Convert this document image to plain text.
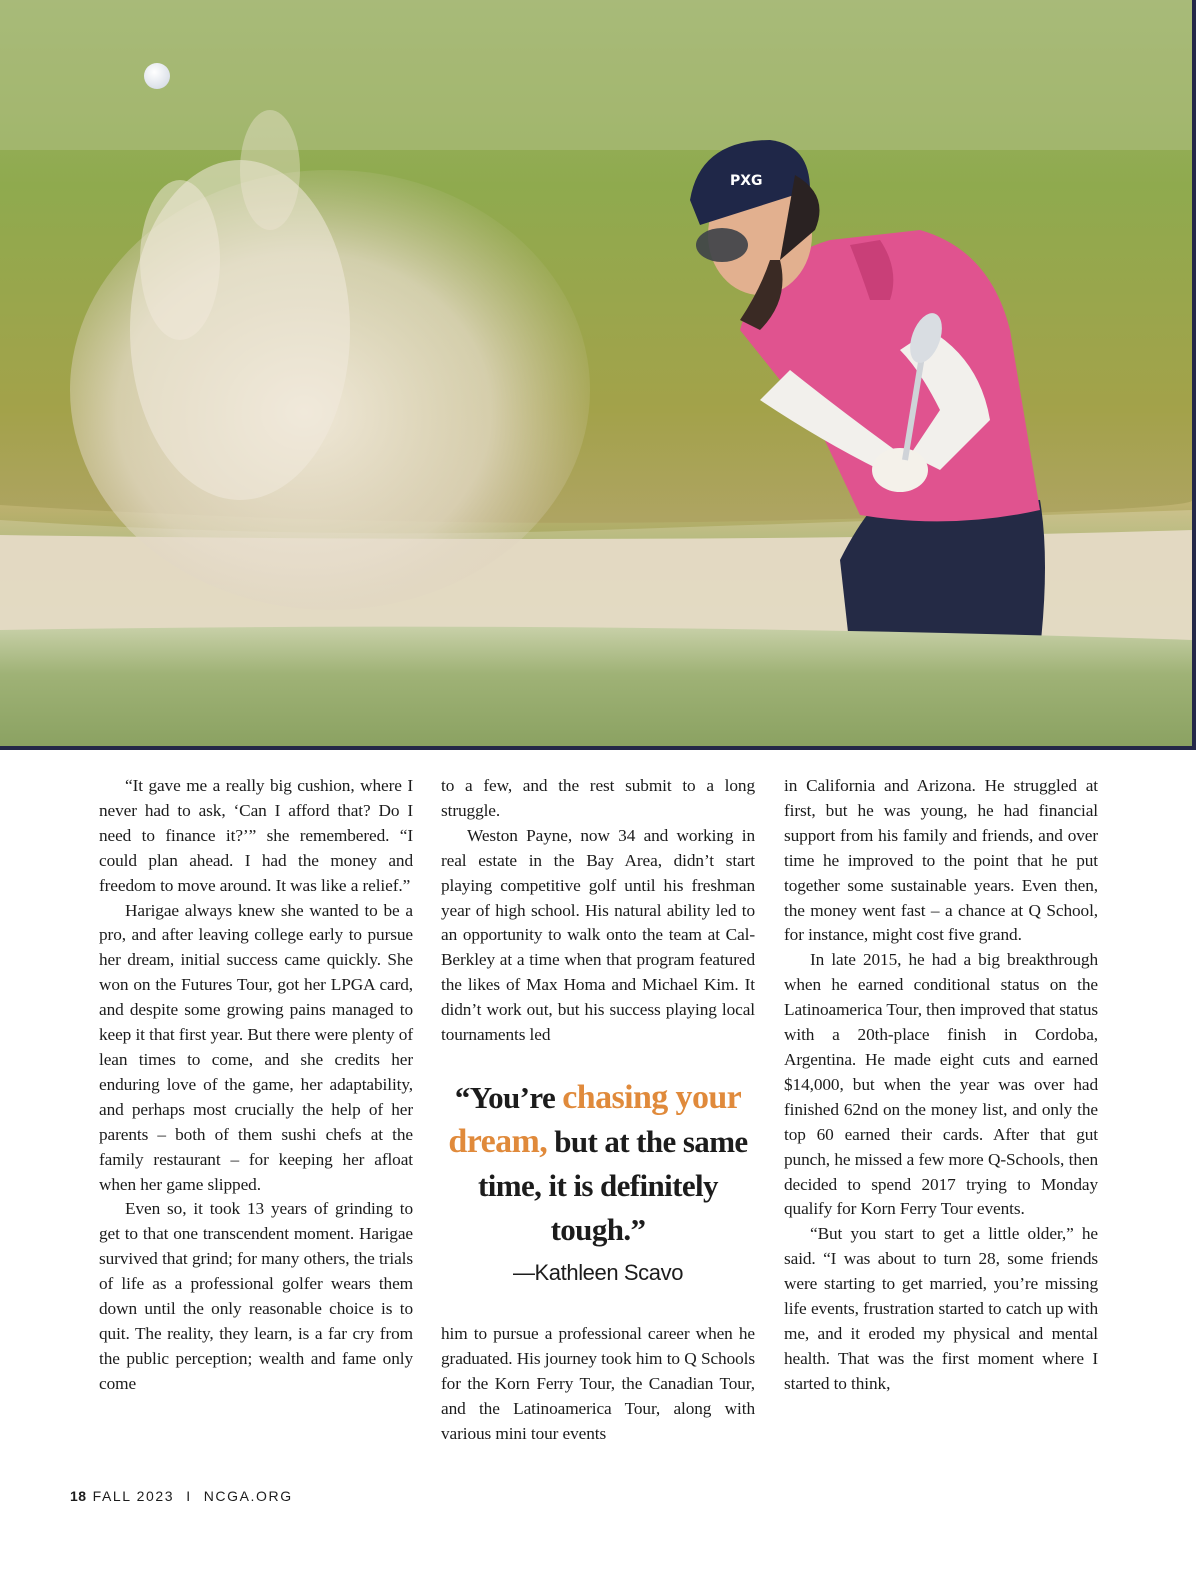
PXG

“It gave me a really big cushion, where I never had to ask, ‘Can I afford that? Do I need to finance it?’” she remembered. “I could plan ahead. I had the money and freedom to move around. It was like a relief.”

Harigae always knew she wanted to be a pro, and after leaving college early to pursue her dream, initial success came quickly. She won on the Futures Tour, got her LPGA card, and despite some growing pains managed to keep it that first year. But there were plenty of lean times to come, and she credits her enduring love of the game, her adaptability, and perhaps most crucially the help of her parents – both of them sushi chefs at the family restaurant – for keeping her afloat when her game slipped.

Even so, it took 13 years of grinding to get to that one transcendent moment. Harigae survived that grind; for many others, the trials of life as a professional golfer wears them down until the only reasonable choice is to quit. The reality, they learn, is a far cry from the public perception; wealth and fame only come

to a few, and the rest submit to a long struggle.

Weston Payne, now 34 and working in real estate in the Bay Area, didn’t start playing competitive golf until his freshman year of high school. His natural ability led to an opportunity to walk onto the team at Cal-Berkley at a time when that program featured the likes of Max Homa and Michael Kim. It didn’t work out, but his success playing local tournaments led

“You’re chasing your dream, but at the same time, it is definitely tough.”
—Kathleen Scavo

him to pursue a professional career when he graduated. His journey took him to Q Schools for the Korn Ferry Tour, the Canadian Tour, and the Latinoamerica Tour, along with various mini tour events

in California and Arizona. He struggled at first, but he was young, he had financial support from his family and friends, and over time he improved to the point that he put together some sustainable years. Even then, the money went fast – a chance at Q School, for instance, might cost five grand.

In late 2015, he had a big breakthrough when he earned conditional status on the Latinoamerica Tour, then improved that status with a 20th-place finish in Cordoba, Argentina. He made eight cuts and earned $14,000, but when the year was over had finished 62nd on the money list, and only the top 60 earned their cards. After that gut punch, he missed a few more Q-Schools, then decided to spend 2017 trying to Monday qualify for Korn Ferry Tour events.

“But you start to get a little older,” he said. “I was about to turn 28, some friends were starting to get married, you’re missing life events, frustration started to catch up with me, and it eroded my physical and mental health. That was the first moment where I started to think,

18 FALL 2023 I NCGA.ORG
